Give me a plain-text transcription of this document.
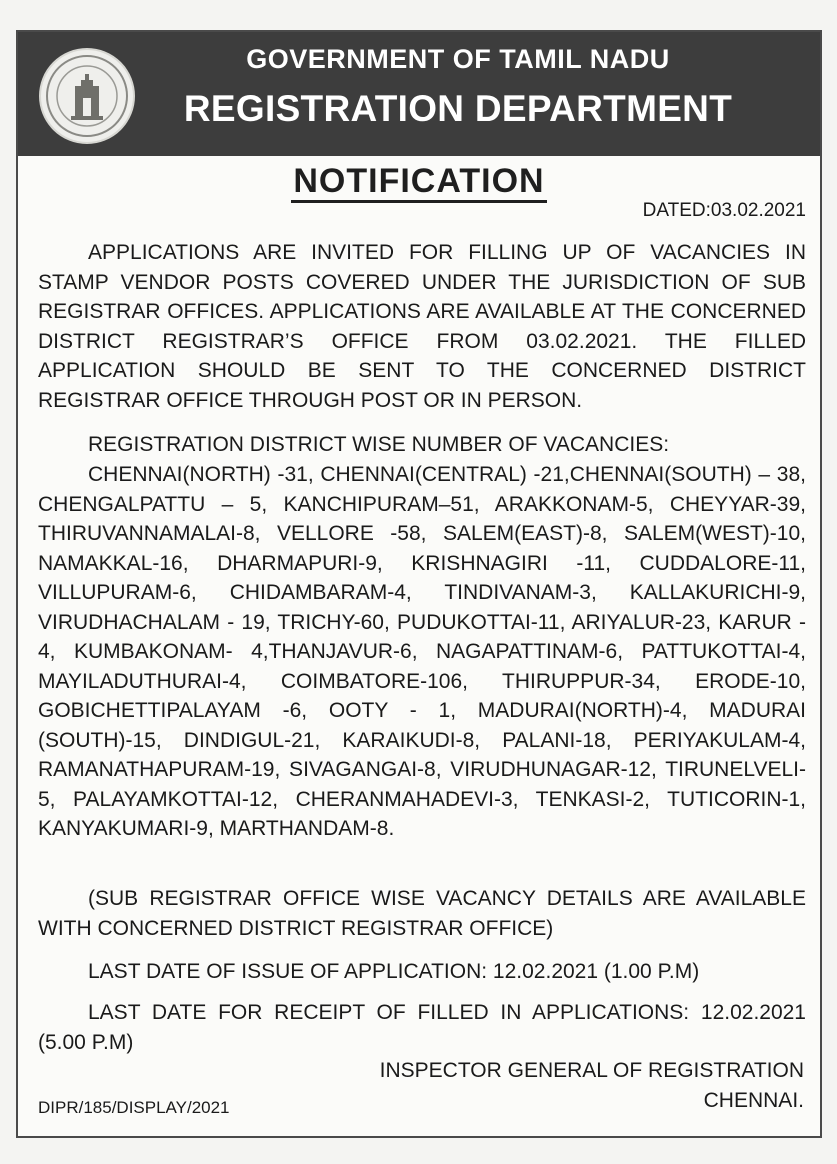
GOVERNMENT OF TAMIL NADU
REGISTRATION DEPARTMENT
NOTIFICATION
DATED:03.02.2021
APPLICATIONS ARE INVITED FOR FILLING UP OF VACANCIES IN STAMP VENDOR POSTS COVERED UNDER THE JURISDICTION OF SUB REGISTRAR OFFICES. APPLICATIONS ARE AVAILABLE AT THE CONCERNED DISTRICT REGISTRAR’S OFFICE FROM 03.02.2021. THE FILLED APPLICATION SHOULD BE SENT TO THE CONCERNED DISTRICT REGISTRAR OFFICE THROUGH POST OR IN PERSON.
REGISTRATION DISTRICT WISE NUMBER OF VACANCIES:
CHENNAI(NORTH) -31, CHENNAI(CENTRAL) -21,CHENNAI(SOUTH) – 38, CHENGALPATTU – 5, KANCHIPURAM–51, ARAKKONAM-5, CHEYYAR-39, THIRUVANNAMALAI-8, VELLORE -58, SALEM(EAST)-8, SALEM(WEST)-10, NAMAKKAL-16, DHARMAPURI-9, KRISHNAGIRI -11, CUDDALORE-11, VILLUPURAM-6, CHIDAMBARAM-4, TINDIVANAM-3, KALLAKURICHI-9, VIRUDHACHALAM - 19, TRICHY-60, PUDUKOTTAI-11, ARIYALUR-23, KARUR - 4, KUMBAKONAM- 4,THANJAVUR-6, NAGAPATTINAM-6, PATTUKOTTAI-4, MAYILADUTHURAI-4, COIMBATORE-106, THIRUPPUR-34, ERODE-10, GOBICHETTIPALAYAM -6, OOTY - 1, MADURAI(NORTH)-4, MADURAI (SOUTH)-15, DINDIGUL-21, KARAIKUDI-8, PALANI-18, PERIYAKULAM-4, RAMANATHAPURAM-19, SIVAGANGAI-8, VIRUDHUNAGAR-12, TIRUNELVELI-5, PALAYAMKOTTAI-12, CHERANMAHADEVI-3, TENKASI-2, TUTICORIN-1, KANYAKUMARI-9, MARTHANDAM-8.
(SUB REGISTRAR OFFICE WISE VACANCY DETAILS ARE AVAILABLE WITH CONCERNED DISTRICT REGISTRAR OFFICE)
LAST DATE OF ISSUE OF APPLICATION: 12.02.2021 (1.00 P.M)
LAST DATE FOR RECEIPT OF FILLED IN APPLICATIONS: 12.02.2021 (5.00 P.M)
INSPECTOR GENERAL OF REGISTRATION
CHENNAI.
DIPR/185/DISPLAY/2021
